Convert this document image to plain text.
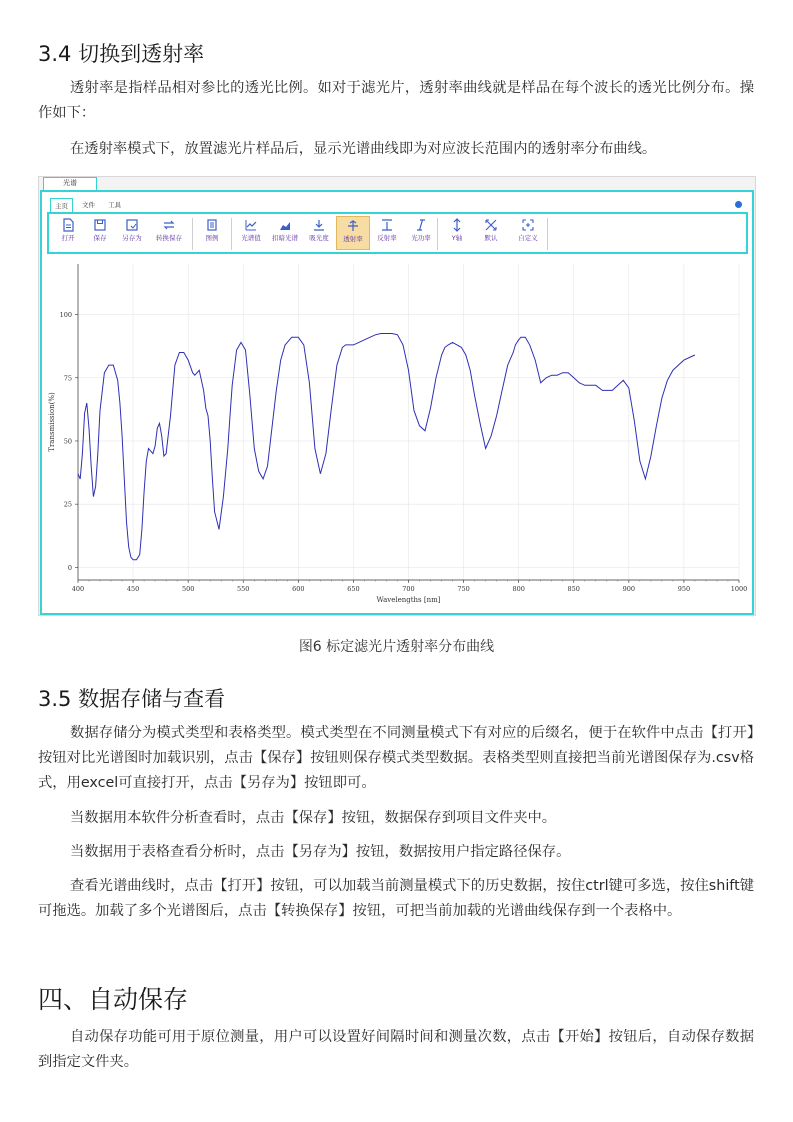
3.4 切换到透射率

透射率是指样品相对参比的透光比例。如对于滤光片，透射率曲线就是样品在每个波长的透光比例分布。操作如下：

在透射率模式下，放置滤光片样品后，显示光谱曲线即为对应波长范围内的透射率分布曲线。

光谱
主页	文件	工具
打开	保存	另存为	转换保存	图例	光谱值	扣暗光谱	吸光度	透射率	反射率	光功率	Y轴	默认	自定义
400	450	500	550	600	650	700	750	800	850	900	950	1000
0
25
50
75
100
Wavelengths [nm]
Transmission(%)
图6 标定滤光片透射率分布曲线
3.5 数据存储与查看

数据存储分为模式类型和表格类型。模式类型在不同测量模式下有对应的后缀名，便于在软件中点击【打开】按钮对比光谱图时加载识别，点击【保存】按钮则保存模式类型数据。表格类型则直接把当前光谱图保存为.csv格式，用excel可直接打开，点击【另存为】按钮即可。

当数据用本软件分析查看时，点击【保存】按钮，数据保存到项目文件夹中。

当数据用于表格查看分析时，点击【另存为】按钮，数据按用户指定路径保存。

查看光谱曲线时，点击【打开】按钮，可以加载当前测量模式下的历史数据，按住ctrl键可多选，按住shift键可拖选。加载了多个光谱图后，点击【转换保存】按钮，可把当前加载的光谱曲线保存到一个表格中。

四、自动保存

自动保存功能可用于原位测量，用户可以设置好间隔时间和测量次数，点击【开始】按钮后，自动保存数据到指定文件夹。
